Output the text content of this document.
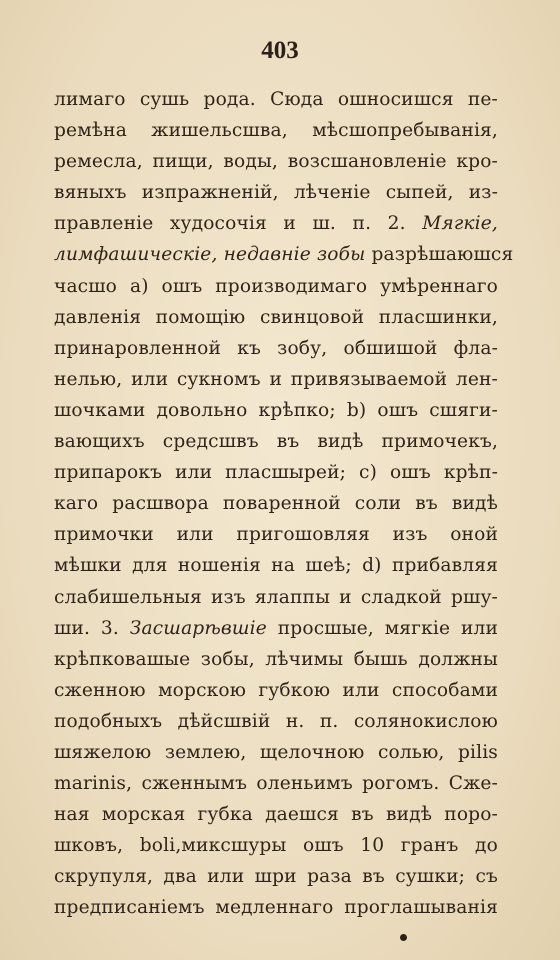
403
лимаго сушь рода. Сюда ошносишся пе-
ремѣна жишельсшва, мѣсшопребыванія,
ремесла, пищи, воды, возсшановленіе кро-
вяныхъ изпражненій, лѣченіе сыпей, из-
правленіе худосочія и ш. п. 2. Мягкіе,
лимфашическіе, недавніе зобы разрѣшаюшся
часшо a) ошъ производимаго умѣреннаго
давленія помощію свинцовой пласшинки,
принаровленной къ зобу, обшишой фла-
нелью, или сукномъ и привязываемой лен-
шочками довольно крѣпко; b) ошъ сшяги-
вающихъ средсшвъ въ видѣ примочекъ,
припарокъ или пласшырей; c) ошъ крѣп-
каго расшвора поваренной соли въ видѣ
примочки или пригошовляя изъ оной
мѣшки для ношенія на шеѣ; d) прибавляя
слабишельныя изъ ялаппы и сладкой ршу-
ши. 3. Засшарѣвшіе просшые, мягкіе или
крѣпковашые зобы, лѣчимы бышь должны
сженною морскою губкою или способами
подобныхъ дѣйсшвій н. п. солянокислою
шяжелою землею, щелочною солью, pilis
marinis, сженнымъ оленьимъ рогомъ. Сже-
ная морская губка даешся въ видѣ поро-
шковъ, boli,миксшуры ошъ 10 гранъ до
скрупуля, два или шри раза въ сушки; съ
предписаніемъ медленнаго проглашыванія
